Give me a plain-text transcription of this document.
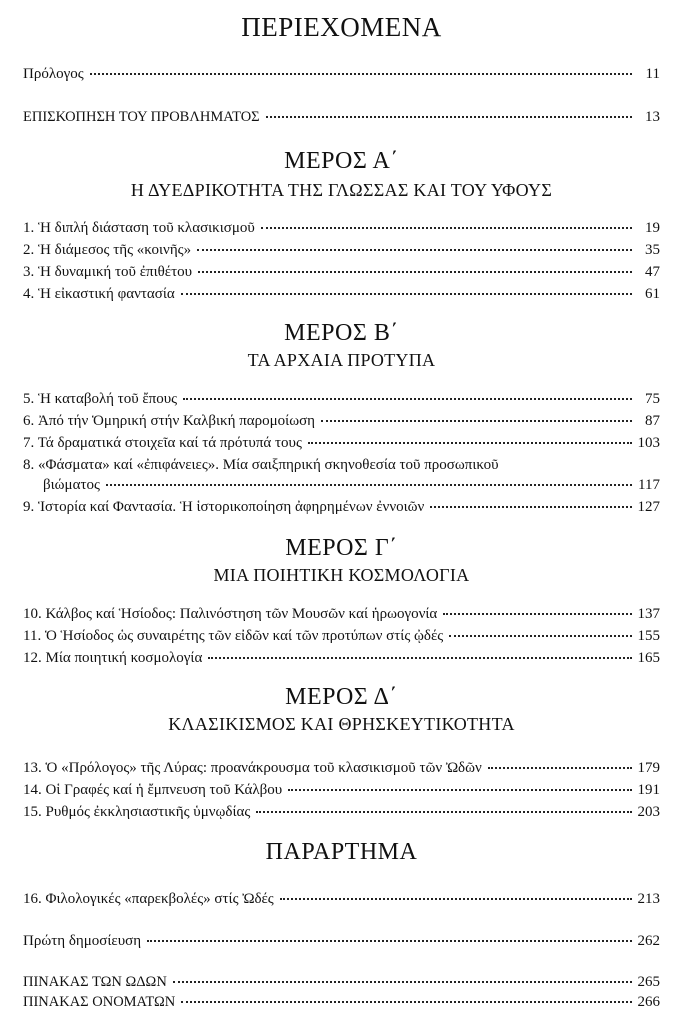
ΠΕΡΙΕΧΟΜΕΝΑ
Πρόλογος	11
ΕΠΙΣΚΟΠΗΣΗ ΤΟΥ ΠΡΟΒΛΗΜΑΤΟΣ	13
ΜΕΡΟΣ Α΄
Η ΔΥΕΔΡΙΚΟΤΗΤΑ ΤΗΣ ΓΛΩΣΣΑΣ ΚΑΙ ΤΟΥ ΥΦΟΥΣ
1. Ἡ διπλή διάσταση τοῦ κλασικισμοῦ	19
2. Ἡ διάμεσος τῆς «κοινῆς»	35
3. Ἡ δυναμική τοῦ ἐπιθέτου	47
4. Ἡ εἰκαστική φαντασία	61
ΜΕΡΟΣ Β΄
ΤΑ ΑΡΧΑΙΑ ΠΡΟΤΥΠΑ
5. Ἡ καταβολή τοῦ ἔπους	75
6. Ἀπό τήν Ὁμηρική στήν Καλβική παρομοίωση	87
7. Τά δραματικά στοιχεῖα καί τά πρότυπά τους	103
8. «Φάσματα» καί «ἐπιφάνειες». Μία σαιξπηρική σκηνοθεσία τοῦ προσωπικοῦ
βιώματος	117
9. Ἱστορία καί Φαντασία. Ἡ ἱστορικοποίηση ἀφηρημένων ἐννοιῶν	127
ΜΕΡΟΣ Γ΄
ΜΙΑ ΠΟΙΗΤΙΚΗ ΚΟΣΜΟΛΟΓΙΑ
10. Κάλβος καί Ἡσίοδος: Παλινόστηση τῶν Μουσῶν καί ἡρωογονία	137
11. Ὁ Ἡσίοδος ὡς συναιρέτης τῶν εἰδῶν καί τῶν προτύπων στίς ᾠδές	155
12. Μία ποιητική κοσμολογία	165
ΜΕΡΟΣ Δ΄
ΚΛΑΣΙΚΙΣΜΟΣ ΚΑΙ ΘΡΗΣΚΕΥΤΙΚΟΤΗΤΑ
13. Ὁ «Πρόλογος» τῆς Λύρας: προανάκρουσμα τοῦ κλασικισμοῦ τῶν Ὠδῶν	179
14. Οἱ Γραφές καί ἡ ἔμπνευση τοῦ Κάλβου	191
15. Ρυθμός ἐκκλησιαστικῆς ὑμνῳδίας	203
ΠΑΡΑΡΤΗΜΑ
16. Φιλολογικές «παρεκβολές» στίς Ὠδές	213
Πρώτη δημοσίευση	262
ΠΙΝΑΚΑΣ ΤΩΝ ΩΔΩΝ	265
ΠΙΝΑΚΑΣ ΟΝΟΜΑΤΩΝ	266
